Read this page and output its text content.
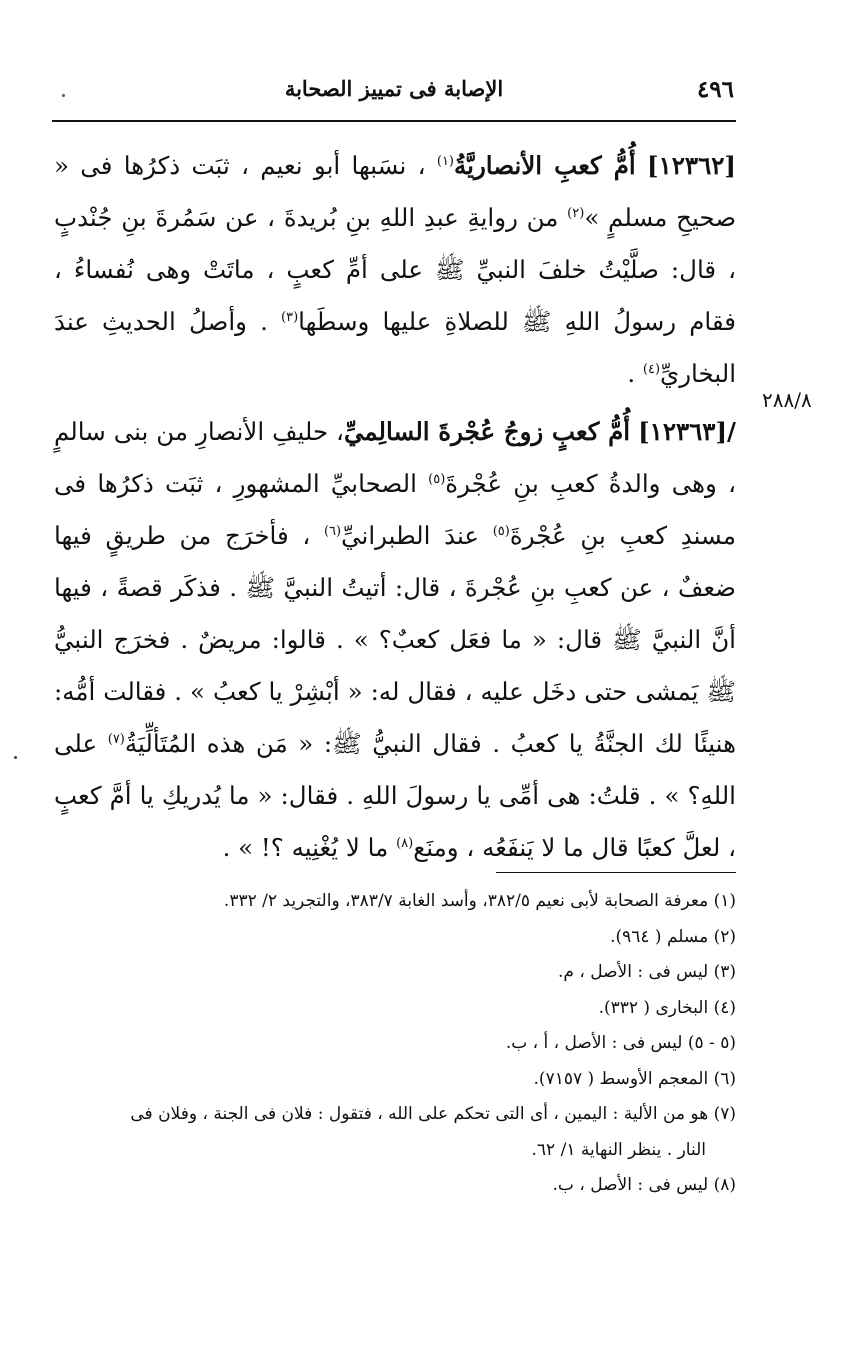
٤٩٦
الإصابة فى تمييز الصحابة
٢٨٨/٨

[١٢٣٦٢] أُمُّ كعبِ الأنصاريَّةُ$^{(١)}$ ، نسَبها أبو نعيم ، ثبَت ذكرُها فى « صحيحِ مسلمٍ »$^{(٢)}$ من روايةِ عبدِ اللهِ بنِ بُريدةَ ، عن سَمُرةَ بنِ جُنْدبٍ ، قال: صلَّيْتُ خلفَ النبيِّ ﷺ على أمِّ كعبٍ ، ماتَتْ وهى نُفساءُ ، فقام رسولُ اللهِ ﷺ للصلاةِ عليها وسطَها$^{(٣)}$ . وأصلُ الحديثِ عندَ البخاريِّ$^{(٤)}$ .

/[١٢٣٦٣] أُمُّ كعبٍ زوجُ عُجْرةَ السالِميِّ، حليفِ الأنصارِ من بنى سالمٍ ، وهى والدةُ كعبِ بنِ عُجْرةَ$^{(٥)}$ الصحابيِّ المشهورِ ، ثبَت ذكرُها فى مسندِ كعبِ بنِ عُجْرةَ$^{(٥)}$ عندَ الطبرانيِّ$^{(٦)}$ ، فأخرَج من طريقٍ فيها ضعفٌ ، عن كعبِ بنِ عُجْرةَ ، قال: أتيتُ النبيَّ ﷺ . فذكَر قصةً ، فيها أنَّ النبيَّ ﷺ قال: « ما فعَل كعبٌ؟ » . قالوا: مريضٌ . فخرَج النبيُّ ﷺ يَمشى حتى دخَل عليه ، فقال له: « أبْشِرْ يا كعبُ » . فقالت أمُّه: هنيئًا لك الجنَّةُ يا كعبُ . فقال النبيُّ ﷺ: « مَن هذه المُتَألِّيَةُ$^{(٧)}$ على اللهِ؟ » . قلتُ: هى أمِّى يا رسولَ اللهِ . فقال: « ما يُدريكِ يا أمَّ كعبٍ ، لعلَّ كعبًا قال ما لا يَنفَعُه ، ومنَع$^{(٨)}$ ما لا يُغْنِيه ؟! » .

(١) معرفة الصحابة لأبى نعيم ٣٨٢/٥، وأسد الغابة ٣٨٣/٧، والتجريد ٢/ ٣٣٢.
(٢) مسلم ( ٩٦٤).
(٣) ليس فى : الأصل ، م.
(٤) البخارى ( ٣٣٢).
(٥ - ٥) ليس فى : الأصل ، أ ، ب.
(٦) المعجم الأوسط ( ٧١٥٧).
(٧) هو من الألية : اليمين ، أى التى تحكم على الله ، فتقول : فلان فى الجنة ، وفلان فى
النار . ينظر النهاية ١/ ٦٢.
(٨) ليس فى : الأصل ، ب.
